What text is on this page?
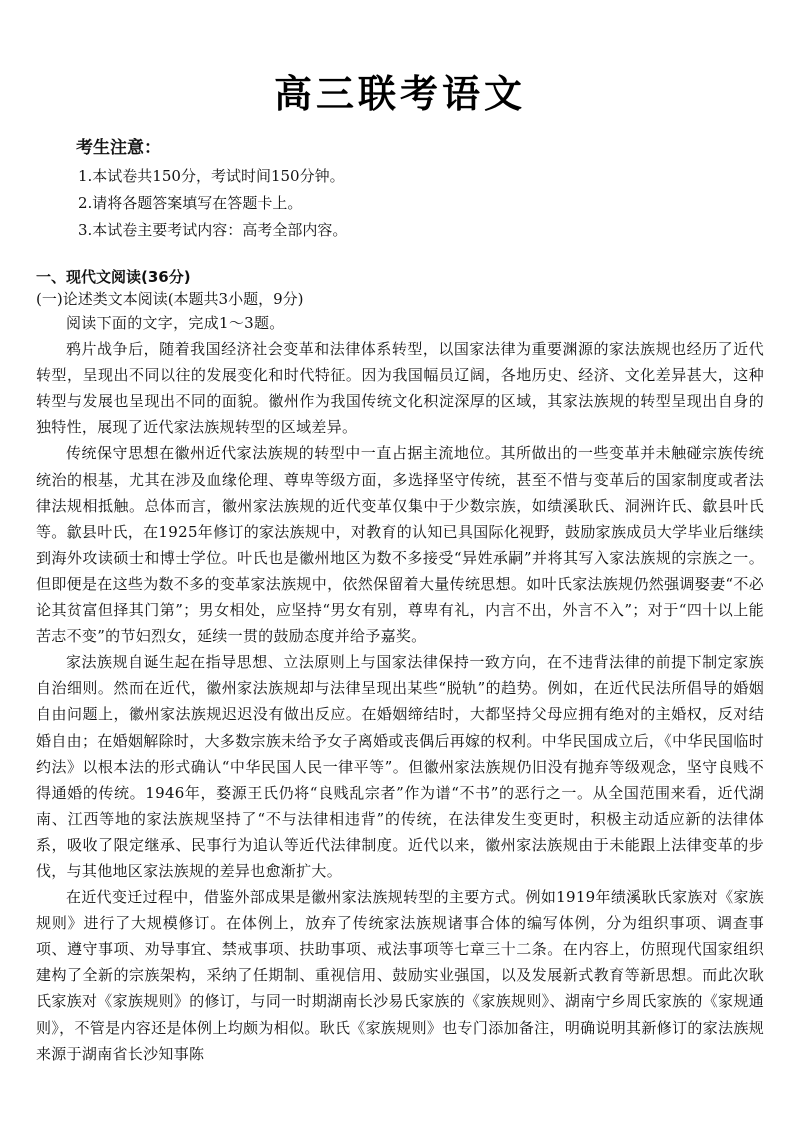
高三联考语文

考生注意：

1.本试卷共150分，考试时间150分钟。

2.请将各题答案填写在答题卡上。

3.本试卷主要考试内容：高考全部内容。

一、现代文阅读(36分)

(一)论述类文本阅读(本题共3小题，9分)

阅读下面的文字，完成1～3题。

鸦片战争后，随着我国经济社会变革和法律体系转型，以国家法律为重要渊源的家法族规也经历了近代转型，呈现出不同以往的发展变化和时代特征。因为我国幅员辽阔，各地历史、经济、文化差异甚大，这种转型与发展也呈现出不同的面貌。徽州作为我国传统文化积淀深厚的区域，其家法族规的转型呈现出自身的独特性，展现了近代家法族规转型的区域差异。

传统保守思想在徽州近代家法族规的转型中一直占据主流地位。其所做出的一些变革并未触碰宗族传统统治的根基，尤其在涉及血缘伦理、尊卑等级方面，多选择坚守传统，甚至不惜与变革后的国家制度或者法律法规相抵触。总体而言，徽州家法族规的近代变革仅集中于少数宗族，如绩溪耿氏、洞洲许氏、歙县叶氏等。歙县叶氏，在1925年修订的家法族规中，对教育的认知已具国际化视野，鼓励家族成员大学毕业后继续到海外攻读硕士和博士学位。叶氏也是徽州地区为数不多接受“异姓承嗣”并将其写入家法族规的宗族之一。但即便是在这些为数不多的变革家法族规中，依然保留着大量传统思想。如叶氏家法族规仍然强调娶妻“不必论其贫富但择其门第”；男女相处，应坚持“男女有别，尊卑有礼，内言不出，外言不入”；对于“四十以上能苦志不变”的节妇烈女，延续一贯的鼓励态度并给予嘉奖。

家法族规自诞生起在指导思想、立法原则上与国家法律保持一致方向，在不违背法律的前提下制定家族自治细则。然而在近代，徽州家法族规却与法律呈现出某些“脱轨”的趋势。例如，在近代民法所倡导的婚姻自由问题上，徽州家法族规迟迟没有做出反应。在婚姻缔结时，大都坚持父母应拥有绝对的主婚权，反对结婚自由；在婚姻解除时，大多数宗族未给予女子离婚或丧偶后再嫁的权利。中华民国成立后，《中华民国临时约法》以根本法的形式确认“中华民国人民一律平等”。但徽州家法族规仍旧没有抛弃等级观念，坚守良贱不得通婚的传统。1946年，婺源王氏仍将“良贱乱宗者”作为谱“不书”的恶行之一。从全国范围来看，近代湖南、江西等地的家法族规坚持了“不与法律相违背”的传统，在法律发生变更时，积极主动适应新的法律体系，吸收了限定继承、民事行为追认等近代法律制度。近代以来，徽州家法族规由于未能跟上法律变革的步伐，与其他地区家法族规的差异也愈渐扩大。

在近代变迁过程中，借鉴外部成果是徽州家法族规转型的主要方式。例如1919年绩溪耿氏家族对《家族规则》进行了大规模修订。在体例上，放弃了传统家法族规诸事合体的编写体例，分为组织事项、调查事项、遵守事项、劝导事宜、禁戒事项、扶助事项、戒法事项等七章三十二条。在内容上，仿照现代国家组织建构了全新的宗族架构，采纳了任期制、重视信用、鼓励实业强国，以及发展新式教育等新思想。而此次耿氏家族对《家族规则》的修订，与同一时期湖南长沙易氏家族的《家族规则》、湖南宁乡周氏家族的《家规通则》，不管是内容还是体例上均颇为相似。耿氏《家族规则》也专门添加备注，明确说明其新修订的家法族规来源于湖南省长沙知事陈
